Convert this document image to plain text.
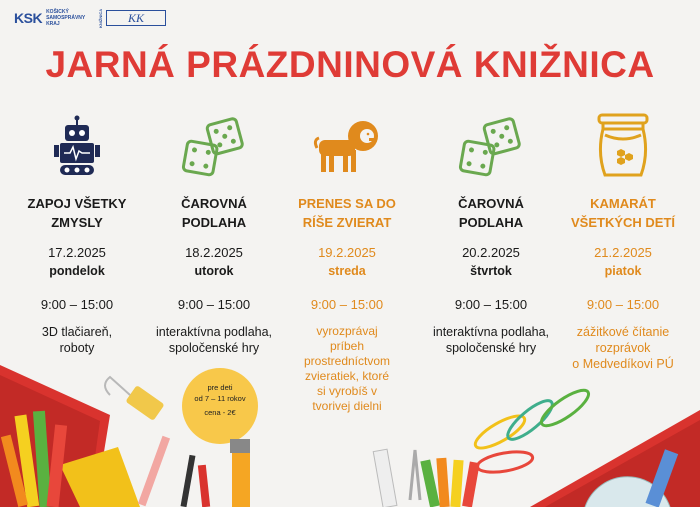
KSK KOŠICKÝ SAMOSPRÁVNY KRAJ	KNIŽNICA	KK
JARNÁ PRÁZDNINOVÁ KNIŽNICA
ZAPOJ VŠETKY
ZMYSLY
17.2.2025
pondelok
9:00 – 15:00
3D tlačiareň,
roboty
ČAROVNÁ
PODLAHA
18.2.2025
utorok
9:00 – 15:00
interaktívna podlaha,
spoločenské hry
PRENES SA DO
RÍŠE ZVIERAT
19.2.2025
streda
9:00 – 15:00
vyrozprávaj
príbeh
prostredníctvom
zvieratiek, ktoré
si vyrobíš v
tvorivej dielni
ČAROVNÁ
PODLAHA
20.2.2025
štvrtok
9:00 – 15:00
interaktívna podlaha,
spoločenské hry
KAMARÁT
VŠETKÝCH DETÍ
21.2.2025
piatok
9:00 – 15:00
zážitkové čítanie
rozprávok
o Medvedíkovi PÚ
pre deti
od 7 – 11 rokov
cena - 2€
